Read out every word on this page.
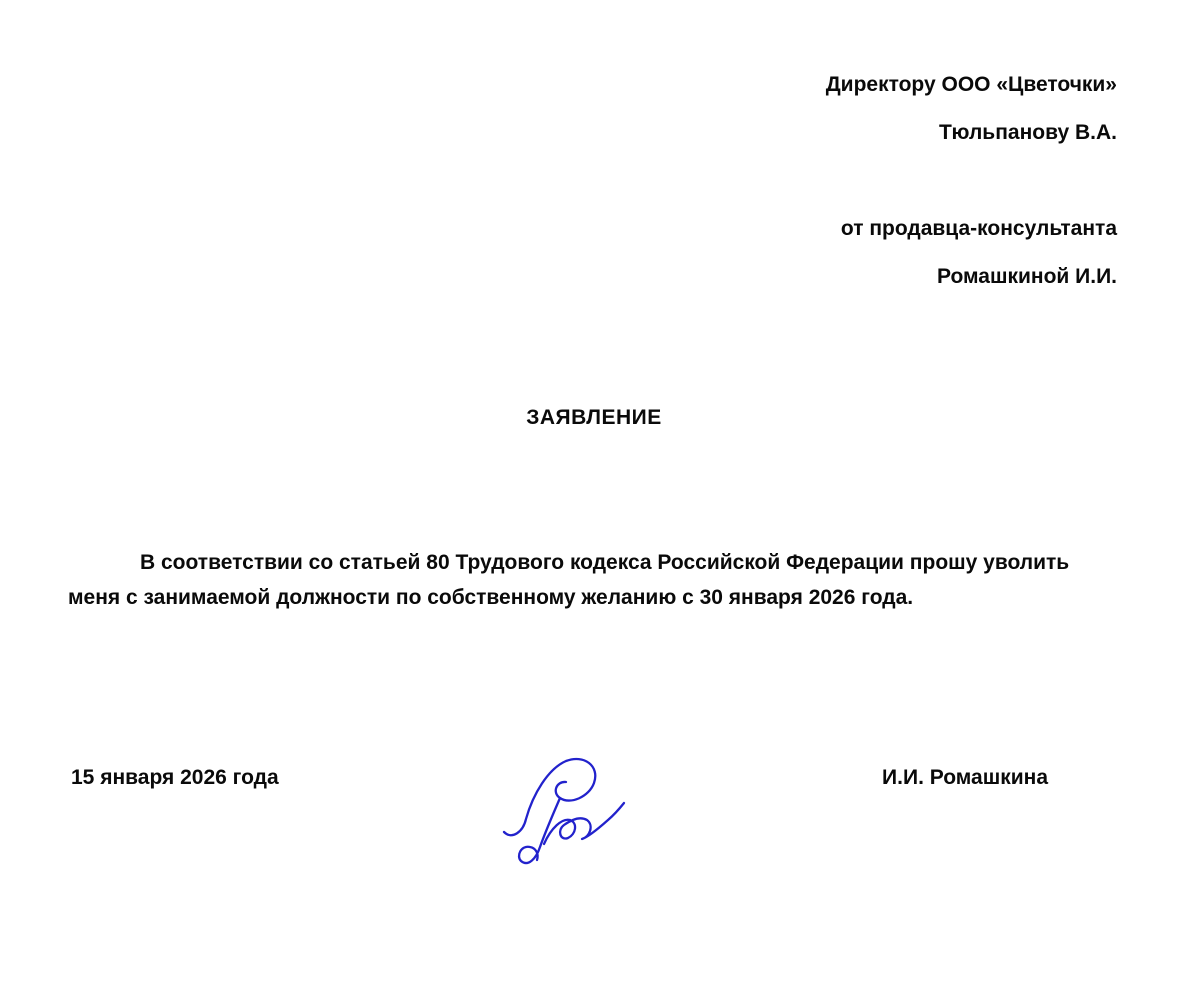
Директору ООО «Цветочки»
Тюльпанову В.А.
от продавца-консультанта
Ромашкиной И.И.
ЗАЯВЛЕНИЕ

В соответствии со статьей 80 Трудового кодекса Российской Федерации прошу уволить меня с занимаемой должности по собственному желанию с 30 января 2026 года.

15 января 2026 года	И.И. Ромашкина
